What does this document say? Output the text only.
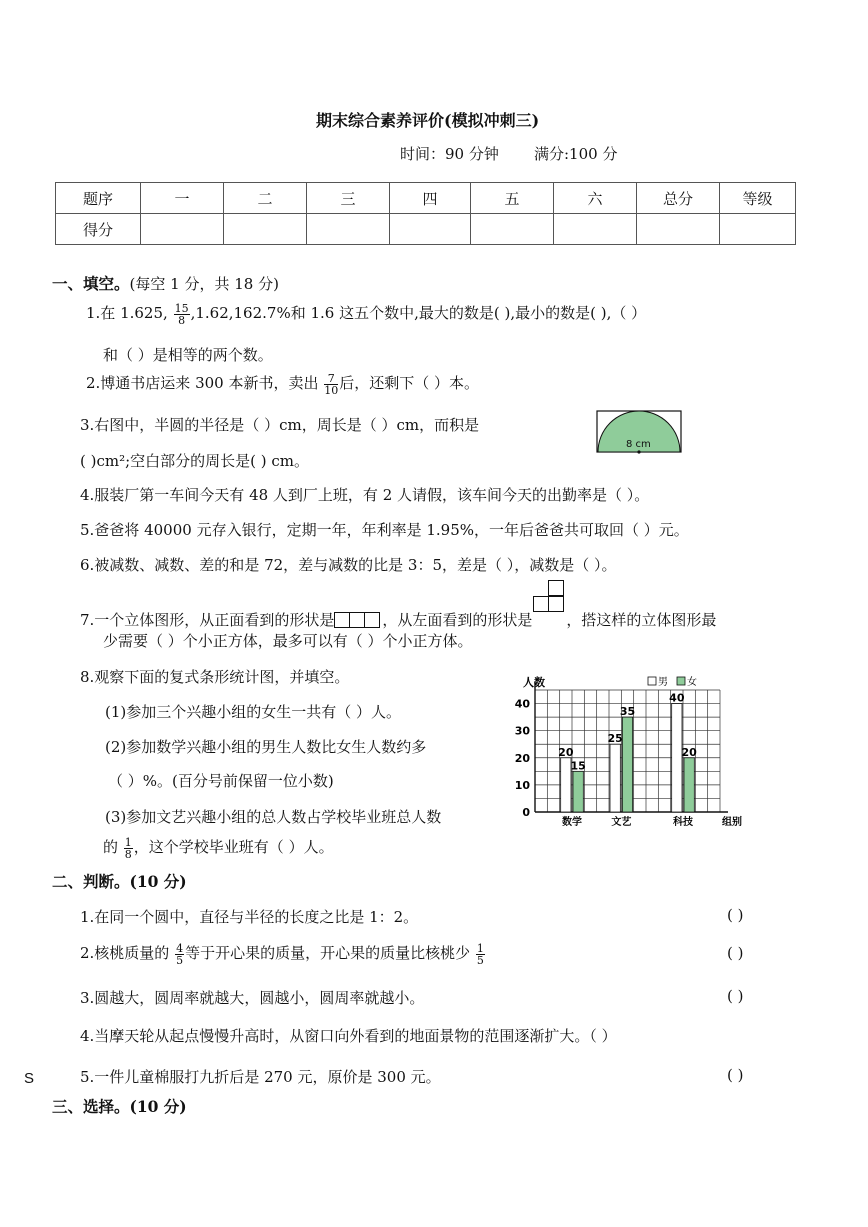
期末综合素养评价(模拟冲刺三)
时间：90 分钟 满分:100 分
题序	一	二	三	四	五	六	总分	等级
得分								
一、填空。(每空 1 分，共 18 分)
1.在 1.625, $\frac{15}{8} ,1.62,162.7\%$和 1.6 这五个数中,最大的数是( ),最小的数是( ),（ ）
和（ ）是相等的两个数。
2.博通书店运来 300 本新书，卖出 $\frac{7}{10}$ 后，还剩下（ ）本。
3.右图中，半圆的半径是（ ）cm，周长是（ ）cm，而积是
8 cm
( )cm²;空白部分的周长是( ) cm。
4.服装厂第一车间今天有 48 人到厂上班，有 2 人请假，该车间今天的出勤率是（ ）。
5.爸爸将 40000 元存入银行，定期一年，年利率是 1.95%，一年后爸爸共可取回（ ）元。
6.被减数、减数、差的和是 72，差与减数的比是 3：5，差是（ ），减数是（ ）。
7.一个立体图形，从正面看到的形状是	，从左面看到的形状是 ，搭这样的立体图形最
少需要（ ）个小正方体，最多可以有（ ）个小正方体。
8.观察下面的复式条形统计图，并填空。
(1)参加三个兴趣小组的女生一共有（ ）人。
(2)参加数学兴趣小组的男生人数比女生人数约多
（ ）%。(百分号前保留一位小数)
(3)参加文艺兴趣小组的总人数占学校毕业班总人数
的 $\frac{1}{8}$ ，这个学校毕业班有（ ）人。
0
10
20
30
40
人数	男 女
20
15
数学
25
35
文艺
40
20
科技	组别
二、判断。(10 分)
1.在同一个圆中，直径与半径的长度之比是 1：2。	( )
2.核桃质量的 $\frac{4}{5}$ 等于开心果的质量，开心果的质量比核桃少 $\frac{1}{5}$	( )
3.圆越大，圆周率就越大，圆越小，圆周率就越小。	( )
4.当摩天轮从起点慢慢升高时，从窗口向外看到的地面景物的范围逐渐扩大。（ ）
S	5.一件儿童棉服打九折后是 270 元，原价是 300 元。	( )
三、选择。(10 分)
